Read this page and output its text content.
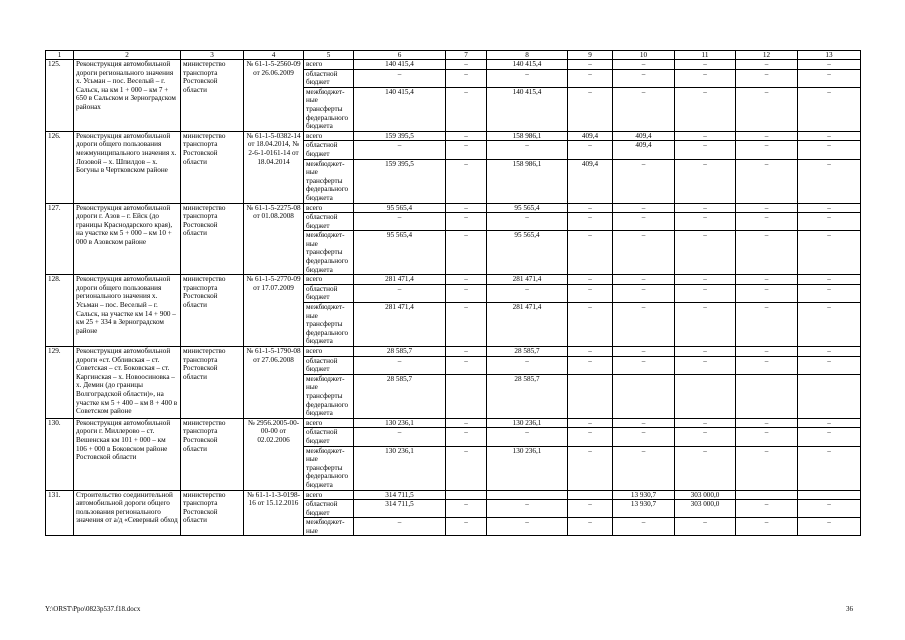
1	2	3	4	5	6	7	8	9	10	11	12	13
125.	Реконструкция автомобильной дороги регионального значения х. Усьман – пос. Веселый – г. Сальск, на км 1 + 000 – км 7 + 650 в Сальском и Зерноградском районах	министерство транспорта Ростовской области	№ 61-1-5-2560-09 от 26.06.2009	всего	140 415,4	–	140 415,4	–	–	–	–	–
				областной бюджет	–	–	–	–	–	–	–	–
				межбюджет-ные трансферты федерального бюджета	140 415,4	–	140 415,4	–	–	–	–	–
126.	Реконструкция автомобильной дороги общего пользования межмуниципального значения х. Лозовой – х. Шпилдов – х. Богуны в Чертковском районе	министерство транспорта Ростовской области	№ 61-1-5-0382-14 от 18.04.2014, № 2-6-1-0161-14 от 18.04.2014	всего	159 395,5	–	158 986,1	409,4	409,4	–	–	–
				областной бюджет	–	–	–	–	409,4	–	–	–
				межбюджет-ные трансферты федерального бюджета	159 395,5	–	158 986,1	409,4	–	–	–	–
127.	Реконструкция автомобильной дороги г. Азов – г. Ейск (до границы Краснодарского края), на участке км 5 + 000 – км 10 + 000 в Азовском районе	министерство транспорта Ростовской области	№ 61-1-5-2275-08 от 01.08.2008	всего	95 565,4	–	95 565,4	–	–	–	–	–
				областной бюджет	–	–	–	–	–	–	–	–
				межбюджет-ные трансферты федерального бюджета	95 565,4	–	95 565,4	–	–	–	–	–
128.	Реконструкция автомобильной дороги общего пользования регионального значения х. Усьман – пос. Веселый – г. Сальск, на участке км 14 + 900 – км 25 + 334 в Зерноградском районе	министерство транспорта Ростовской области	№ 61-1-5-2770-09 от 17.07.2009	всего	281 471,4	–	281 471,4	–	–	–	–	–
				областной бюджет	–	–	–	–	–	–	–	–
				межбюджет-ные трансферты федерального бюджета	281 471,4	–	281 471,4	–	–	–	–	–
129.	Реконструкция автомобильной дороги «ст. Обливская – ст. Советская – ст. Боковская – ст. Каргинская – х. Новоосиновка – х. Демин (до границы Волгоградской области)», на участке км 5 + 400 – км 8 + 400 в Советском районе	министерство транспорта Ростовской области	№ 61-1-5-1790-08 от 27.06.2008	всего	28 585,7	–	28 585,7	–	–	–	–	–
				областной бюджет	–	–	–	–	–	–	–	–
				межбюджет-ные трансферты федерального бюджета	28 585,7		28 585,7					
130.	Реконструкция автомобильной дороги г. Миллерово – ст. Вешенская км 101 + 000 – км 106 + 000 в Боковском районе Ростовской области	министерство транспорта Ростовской области	№ 2956.2005-00-00-00 от 02.02.2006	всего	130 236,1	–	130 236,1	–	–	–	–	–
				областной бюджет	–	–	–	–	–	–	–	–
				межбюджет-ные трансферты федерального бюджета	130 236,1	–	130 236,1	–	–	–	–	–
131.	Строительство соединительной автомобильной дороги общего пользования регионального значения от а/д «Северный обход	министерство транспорта Ростовской области	№ 61-1-1-3-0198-16 от 15.12.2016	всего	314 711,5				13 930,7	303 000,0		
				областной бюджет	314 711,5	–	–	–	13 930,7	303 000,0	–	–
				межбюджет-ные	–	–	–	–	–	–	–	–
Y:\ORST\Ppo\0823p537.f18.docx	36
